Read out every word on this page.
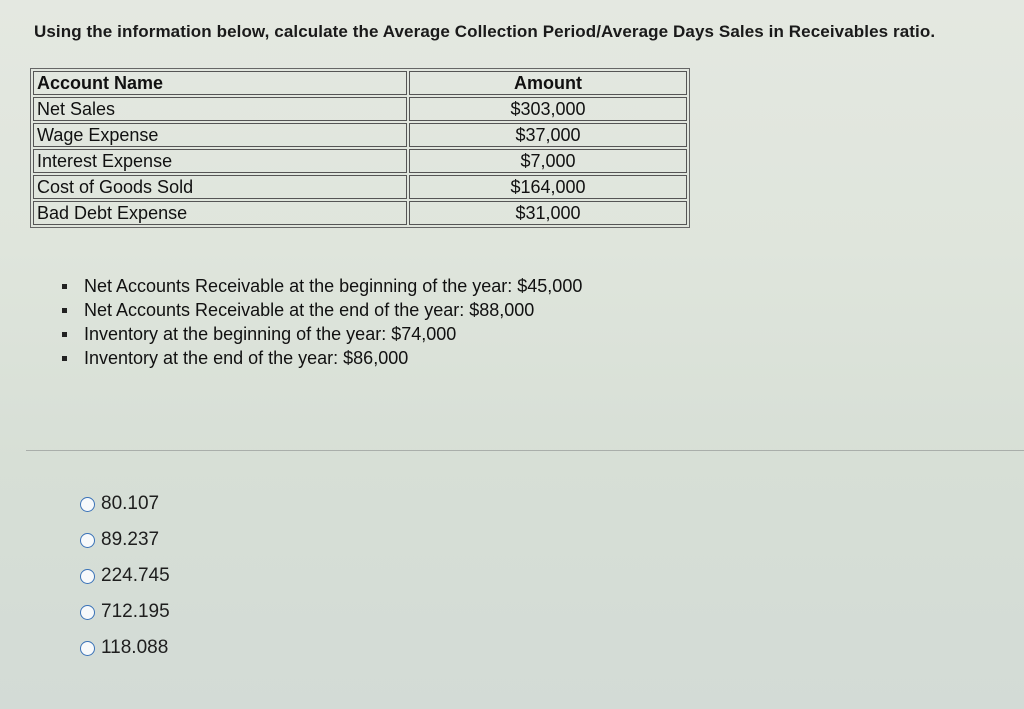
Using the information below, calculate the Average Collection Period/Average Days Sales in Receivables ratio.
Account Name	Amount
Net Sales	$303,000
Wage Expense	$37,000
Interest Expense	$7,000
Cost of Goods Sold	$164,000
Bad Debt Expense	$31,000
Net Accounts Receivable at the beginning of the year: $45,000
Net Accounts Receivable at the end of the year: $88,000
Inventory at the beginning of the year: $74,000
Inventory at the end of the year: $86,000
80.107
89.237
224.745
712.195
118.088
